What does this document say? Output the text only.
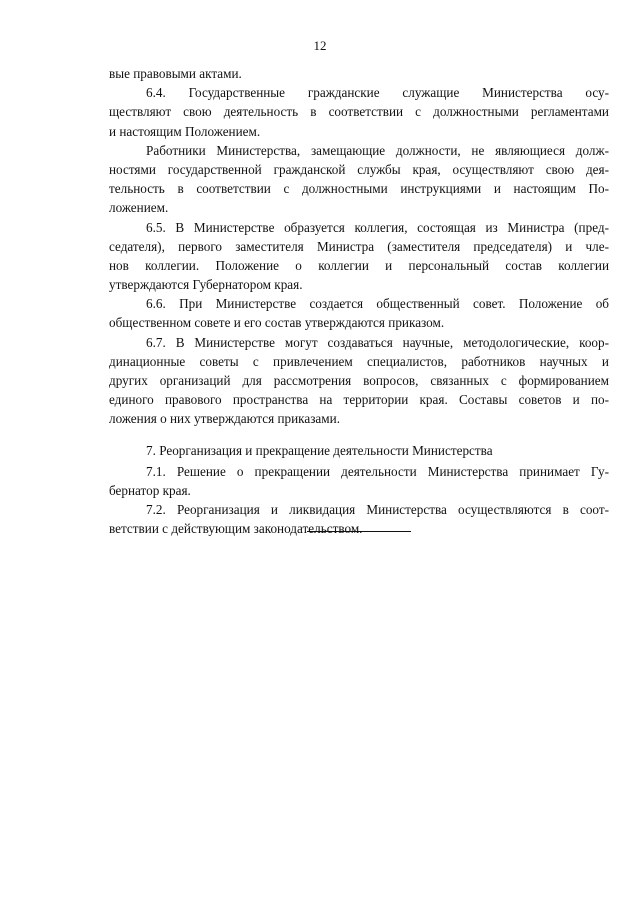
12
вые правовыми актами.
6.4. Государственные гражданские служащие Министерства осу-
ществляют свою деятельность в соответствии с должностными регламентами
и настоящим Положением.
Работники Министерства, замещающие должности, не являющиеся долж-
ностями государственной гражданской службы края, осуществляют свою дея-
тельность в соответствии с должностными инструкциями и настоящим По-
ложением.
6.5. В Министерстве образуется коллегия, состоящая из Министра (пред-
седателя), первого заместителя Министра (заместителя председателя) и чле-
нов коллегии. Положение о коллегии и персональный состав коллегии
утверждаются Губернатором края.
6.6. При Министерстве создается общественный совет. Положение об
общественном совете и его состав утверждаются приказом.
6.7. В Министерстве могут создаваться научные, методологические, коор-
динационные советы с привлечением специалистов, работников научных и
других организаций для рассмотрения вопросов, связанных с формированием
единого правового пространства на территории края. Составы советов и по-
ложения о них утверждаются приказами.
7. Реорганизация и прекращение деятельности Министерства
7.1. Решение о прекращении деятельности Министерства принимает Гу-
бернатор края.
7.2. Реорганизация и ликвидация Министерства осуществляются в соот-
ветствии с действующим законодательством.
